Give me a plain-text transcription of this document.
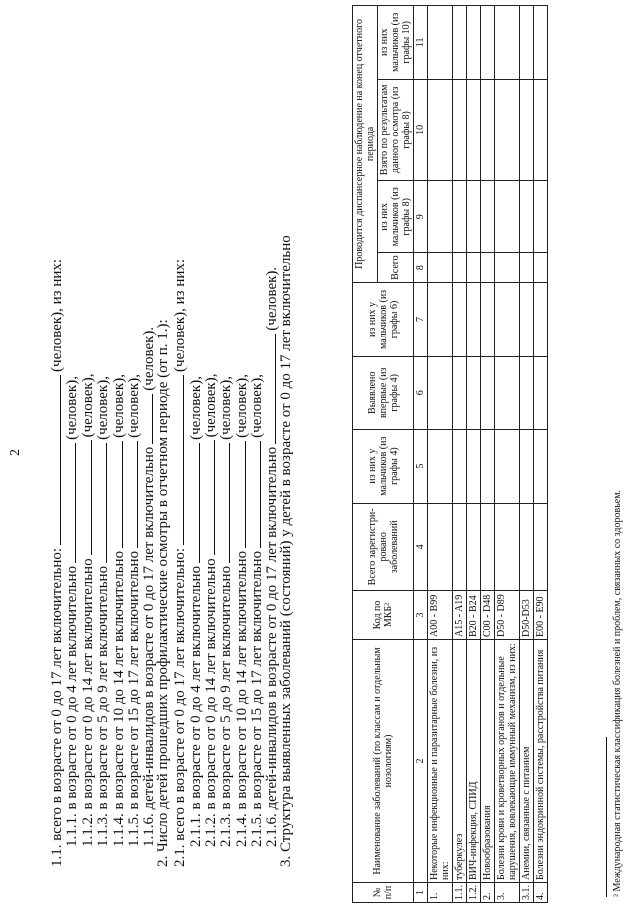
2
1.1. всего в возрасте от 0 до 17 лет включительно:(человек), из них:
1.1.1. в возрасте от 0 до 4 лет включительно(человек),
1.1.2. в возрасте от 0 до 14 лет включительно(человек),
1.1.3. в возрасте от 5 до 9 лет включительно(человек),
1.1.4. в возрасте от 10 до 14 лет включительно(человек),
1.1.5. в возрасте от 15 до 17 лет включительно(человек),
1.1.6. детей-инвалидов в возрасте от 0 до 17 лет включительно(человек).
2. Число детей прошедших профилактические осмотры в отчетном периоде (от п. 1.): 2.1. всего в возрасте от 0 до 17 лет включительно:(человек), из них:
2.1.1. в возрасте от 0 до 4 лет включительно(человек),
2.1.2. в возрасте от 0 до 14 лет включительно(человек),
2.1.3. в возрасте от 5 до 9 лет включительно(человек),
2.1.4. в возрасте от 10 до 14 лет включительно(человек),
2.1.5. в возрасте от 15 до 17 лет включительно(человек),
2.1.6. детей-инвалидов в возрасте от 0 до 17 лет включительно(человек).
3. Структура выявленных заболеваний (состояний) у детей в возрасте от 0 до 17 лет включительно
№ п/п	Наименование заболеваний (по классам и отдельным нозологиям)	Код по МКБ²	Всего зарегистри-ровано заболеваний	из них у мальчиков (из графы 4)	Выявлено впервые (из графы 4)	из них у мальчиков (из графы 6)	Проводится диспансерное наблюдение на конец отчетного периода			
							Всего	из них мальчиков (из графы 8)	Взято по результатам данного осмотра (из графы 8)	из них мальчиков (из графы 10)
1	2	3	4	5	6	7	8	9	10	11
1.	Некоторые инфекционные и паразитарные болезни, из них:	A00 - B99								
1.1.	туберкулез	A15 - A19								
1.2.	ВИЧ-инфекция, СПИД	B20 - B24								
2.	Новообразования	C00 - D48								
3.	Болезни крови и кроветворных органов и отдельные нарушения, вовлекающие иммунный механизм, из них:	D50 - D89								
3.1.	Анемии, связанные с питанием	D50-D53								
4.	Болезни эндокринной системы, расстройства питания	E00 - E90									² Международная статистическая классификация болезней и проблем, связанных со здоровьем.
